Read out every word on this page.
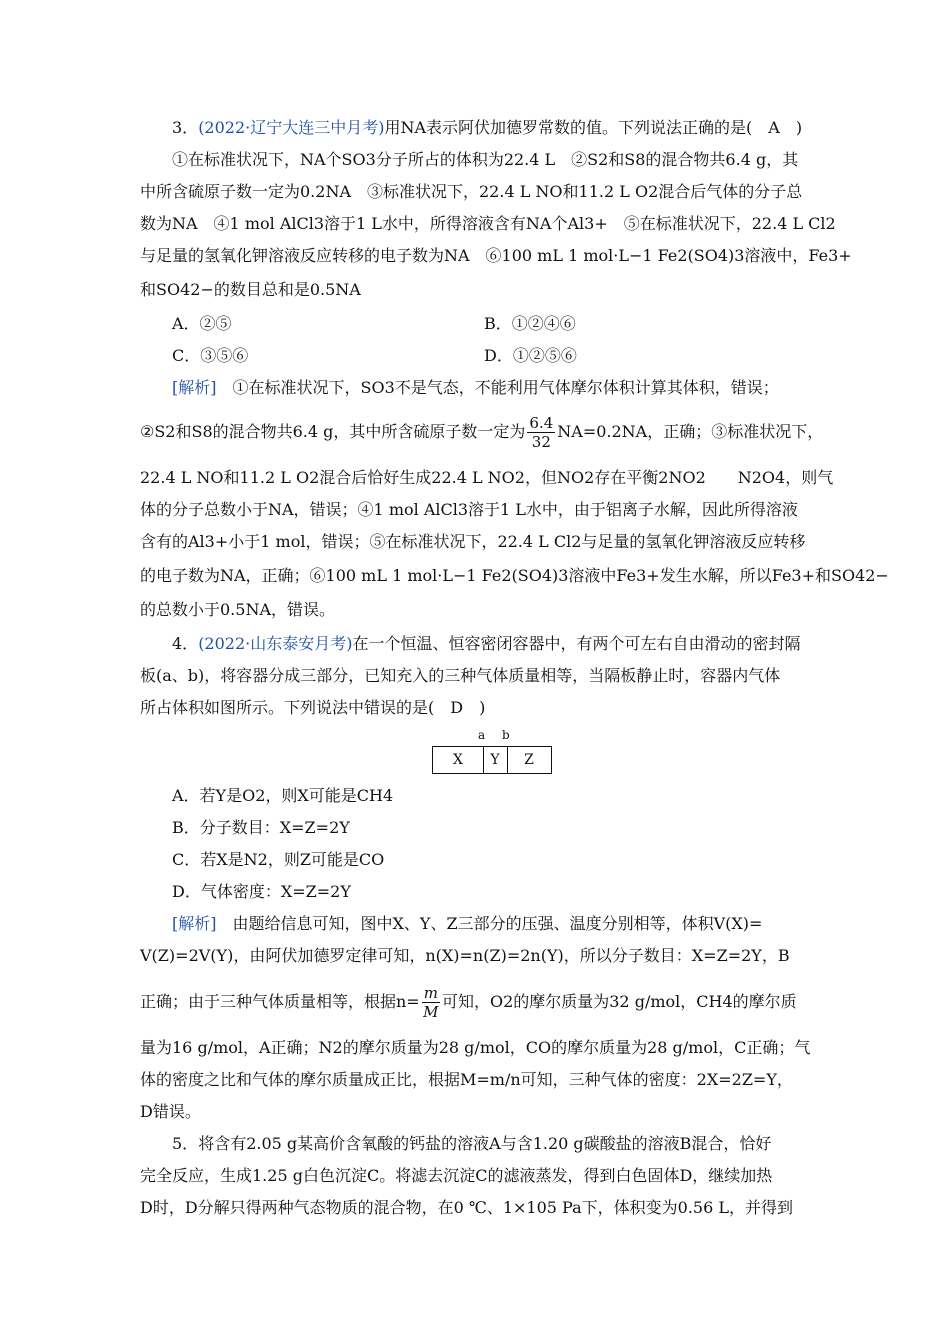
3．(2022·辽宁大连三中月考)用NA表示阿伏加德罗常数的值。下列说法正确的是(　A　)
①在标准状况下，NA个SO3分子所占的体积为22.4 L　②S2和S8的混合物共6.4 g，其
中所含硫原子数一定为0.2NA　③标准状况下，22.4 L NO和11.2 L O2混合后气体的分子总
数为NA　④1 mol AlCl3溶于1 L水中，所得溶液含有NA个Al3+　⑤在标准状况下，22.4 L Cl2
与足量的氢氧化钾溶液反应转移的电子数为NA　⑥100 mL 1 mol·L−1 Fe2(SO4)3溶液中，Fe3+
和SO42−的数目总和是0.5NA
A．②⑤	B．①②④⑥
C．③⑤⑥	D．①②⑤⑥
[解析]　①在标准状况下，SO3不是气态，不能利用气体摩尔体积计算其体积，错误；
②S2和S8的混合物共6.4 g，其中所含硫原子数一定为 $\frac{6.4}{32} NA=0.2NA$，正确；③标准状况下，
22.4 L NO和11.2 L O2混合后恰好生成22.4 L NO2，但NO2存在平衡2NO2　　N2O4，则气
体的分子总数小于NA，错误；④1 mol AlCl3溶于1 L水中，由于铝离子水解，因此所得溶液
含有的Al3+小于1 mol，错误；⑤在标准状况下，22.4 L Cl2与足量的氢氧化钾溶液反应转移
的电子数为NA，正确；⑥100 mL 1 mol·L−1 Fe2(SO4)3溶液中Fe3+发生水解，所以Fe3+和SO42−
的总数小于0.5NA，错误。
4．(2022·山东泰安月考)在一个恒温、恒容密闭容器中，有两个可左右自由滑动的密封隔
板(a、b)，将容器分成三部分，已知充入的三种气体质量相等，当隔板静止时，容器内气体
所占体积如图所示。下列说法中错误的是(　D　)
a b
X	Y	Z
A．若Y是O2，则X可能是CH4
B．分子数目：X=Z=2Y
C．若X是N2，则Z可能是CO
D．气体密度：X=Z=2Y
[解析]　由题给信息可知，图中X、Y、Z三部分的压强、温度分别相等，体积V(X)=
V(Z)=2V(Y)，由阿伏加德罗定律可知，n(X)=n(Z)=2n(Y)，所以分子数目：X=Z=2Y，B
正确；由于三种气体质量相等，根据$n= \frac{m}{M}$ 可知，O2的摩尔质量为32 g/mol，CH4的摩尔质
量为16 g/mol，A正确；N2的摩尔质量为28 g/mol，CO的摩尔质量为28 g/mol，C正确；气
体的密度之比和气体的摩尔质量成正比，根据M=m/n可知，三种气体的密度：2X=2Z=Y，
D错误。
5．将含有2.05 g某高价含氧酸的钙盐的溶液A与含1.20 g碳酸盐的溶液B混合，恰好
完全反应，生成1.25 g白色沉淀C。将滤去沉淀C的滤液蒸发，得到白色固体D，继续加热
D时，D分解只得两种气态物质的混合物，在0 ℃、1×105 Pa下，体积变为0.56 L，并得到
